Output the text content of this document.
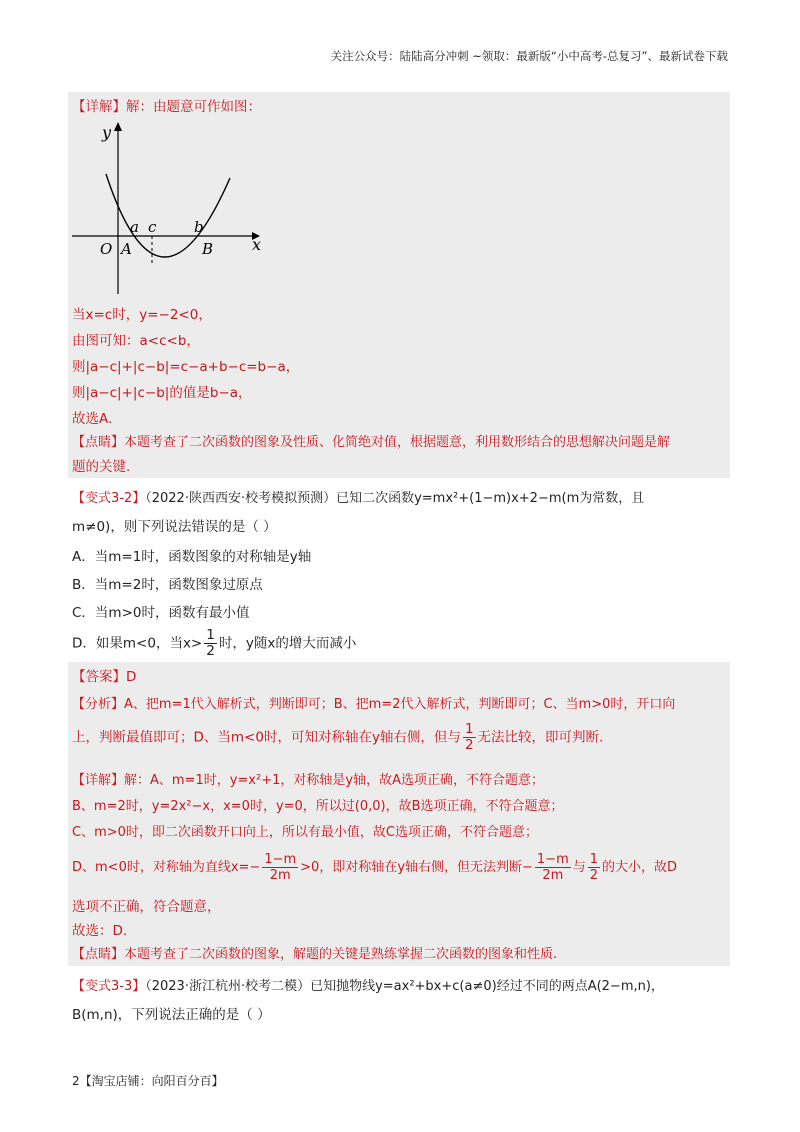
关注公众号：陆陆高分冲刺 ~领取：最新版“小中高考-总复习”、最新试卷下载
【详解】解：由题意可作如图：
y
x
O A	B
a c	b
当x=c时，y=−2<0，
由图可知：a<c<b，
则|a−c|+|c−b|=c−a+b−c=b−a，
则|a−c|+|c−b|的值是b−a，
故选A.
【点睛】本题考查了二次函数的图象及性质、化简绝对值，根据题意，利用数形结合的思想解决问题是解
题的关键.
【变式3-2】（2022·陕西西安·校考模拟预测）已知二次函数y=mx²+(1−m)x+2−m(m为常数，且
m≠0)，则下列说法错误的是（ ）
A．当m=1时，函数图象的对称轴是y轴
B．当m=2时，函数图象过原点
C．当m>0时，函数有最小值
D．如果m<0，当$x> \frac{1}{2}$ 时，y随x的增大而减小
【答案】D
【分析】A、把m=1代入解析式，判断即可；B、把m=2代入解析式，判断即可；C、当m>0时，开口向
上，判断最值即可；D、当m<0时，可知对称轴在y轴右侧，但与 $\frac{1}{2}$ 无法比较，即可判断.
【详解】解：A、m=1时，y=x²+1，对称轴是y轴，故A选项正确，不符合题意；
B、m=2时，y=2x²−x，x=0时，y=0，所以过(0,0)，故B选项正确，不符合题意；
C、m>0时，即二次函数开口向上，所以有最小值，故C选项正确，不符合题意；
D、m<0时，对称轴为直线$x=- \frac{1-m}{2m} >0$，即对称轴在y轴右侧，但无法判断− $\frac{1-m}{2m}$ 与 $\frac{1}{2}$ 的大小，故D
选项不正确，符合题意，
故选：D.
【点睛】本题考查了二次函数的图象，解题的关键是熟练掌握二次函数的图象和性质.
【变式3-3】（2023·浙江杭州·校考二模）已知抛物线y=ax²+bx+c(a≠0)经过不同的两点A(2−m,n)，
B(m,n)，下列说法正确的是（ ）
2【淘宝店铺：向阳百分百】
